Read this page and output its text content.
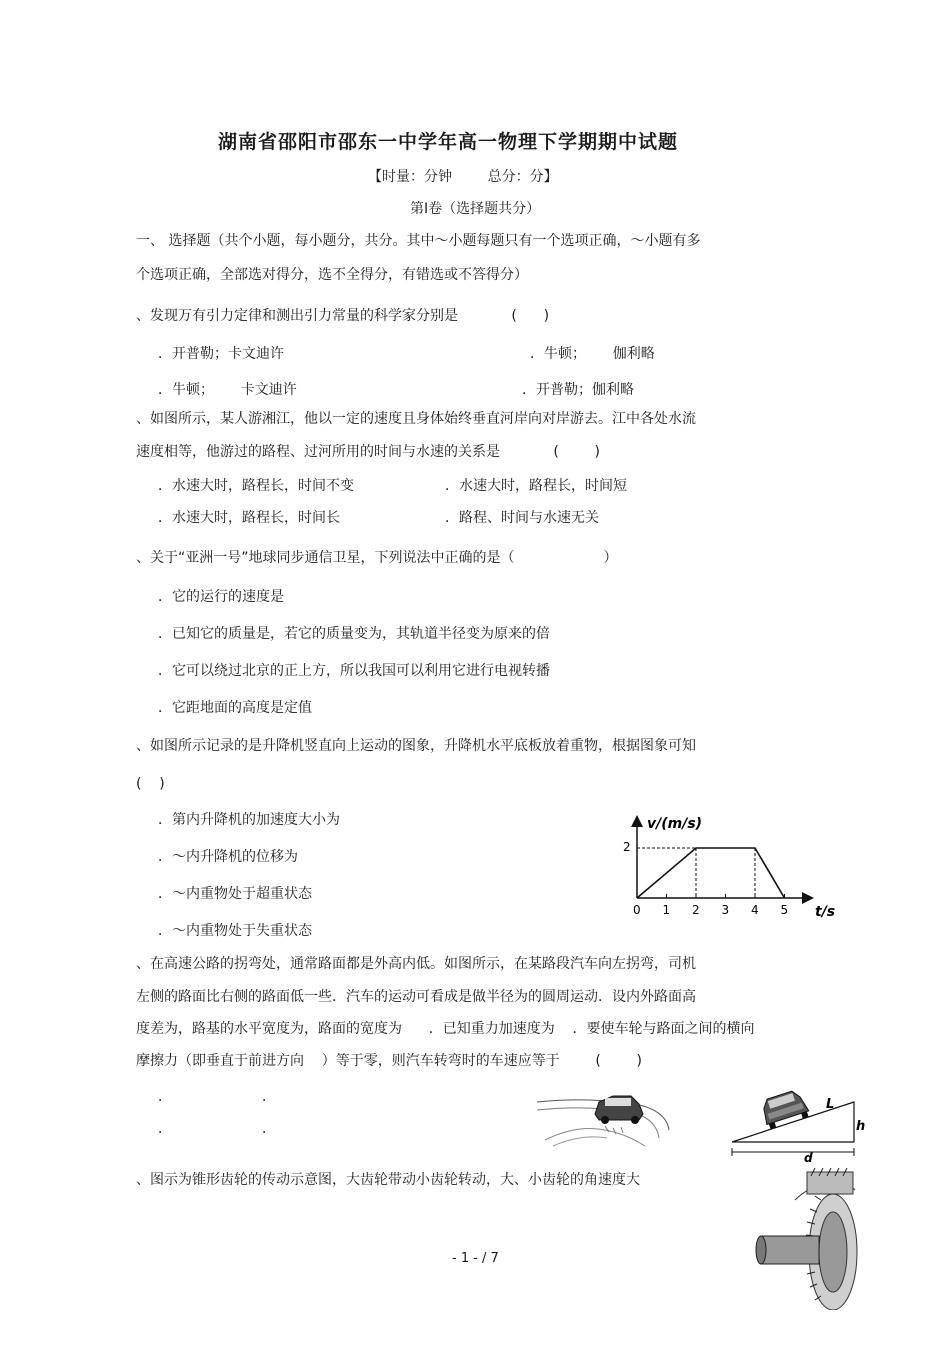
湖南省邵阳市邵东一中学年高一物理下学期期中试题
【时量：分钟        总分：分】
第Ⅰ卷（选择题共分）
一、 选择题（共个小题，每小题分，共分。其中～小题每题只有一个选项正确，～小题有多
个选项正确，全部选对得分，选不全得分，有错选或不答得分）
、发现万有引力定律和测出引力常量的科学家分别是            (      )
．开普勒；卡文迪许	．牛顿；      伽利略
．牛顿；      卡文迪许	．开普勒；伽利略
、如图所示，某人游湘江，他以一定的速度且身体始终垂直河岸向对岸游去。江中各处水流
速度相等，他游过的路程、过河所用的时间与水速的关系是            (        )
．水速大时，路程长，时间不变	．水速大时，路程长，时间短
．水速大时，路程长，时间长	．路程、时间与水速无关
、关于“亚洲一号”地球同步通信卫星，下列说法中正确的是（                    ）
．它的运行的速度是
．已知它的质量是，若它的质量变为，其轨道半径变为原来的倍
．它可以绕过北京的正上方，所以我国可以利用它进行电视转播
．它距地面的高度是定值
、如图所示记录的是升降机竖直向上运动的图象，升降机水平底板放着重物，根据图象可知
(    )
．第内升降机的加速度大小为
．～内升降机的位移为
．～内重物处于超重状态
．～内重物处于失重状态
v/(m/s)
t/s
2
0 1 2 3 4 5
、在高速公路的拐弯处，通常路面都是外高内低。如图所示，在某路段汽车向左拐弯，司机
左侧的路面比右侧的路面低一些．汽车的运动可看成是做半径为的圆周运动．设内外路面高
度差为，路基的水平宽度为，路面的宽度为      ．已知重力加速度为    ．要使车轮与路面之间的横向
摩擦力（即垂直于前进方向    ）等于零，则汽车转弯时的车速应等于        (        )
．	．
．	．
L
h
d
、图示为锥形齿轮的传动示意图，大齿轮带动小齿轮转动，大、小齿轮的角速度大
- 1 - / 7
